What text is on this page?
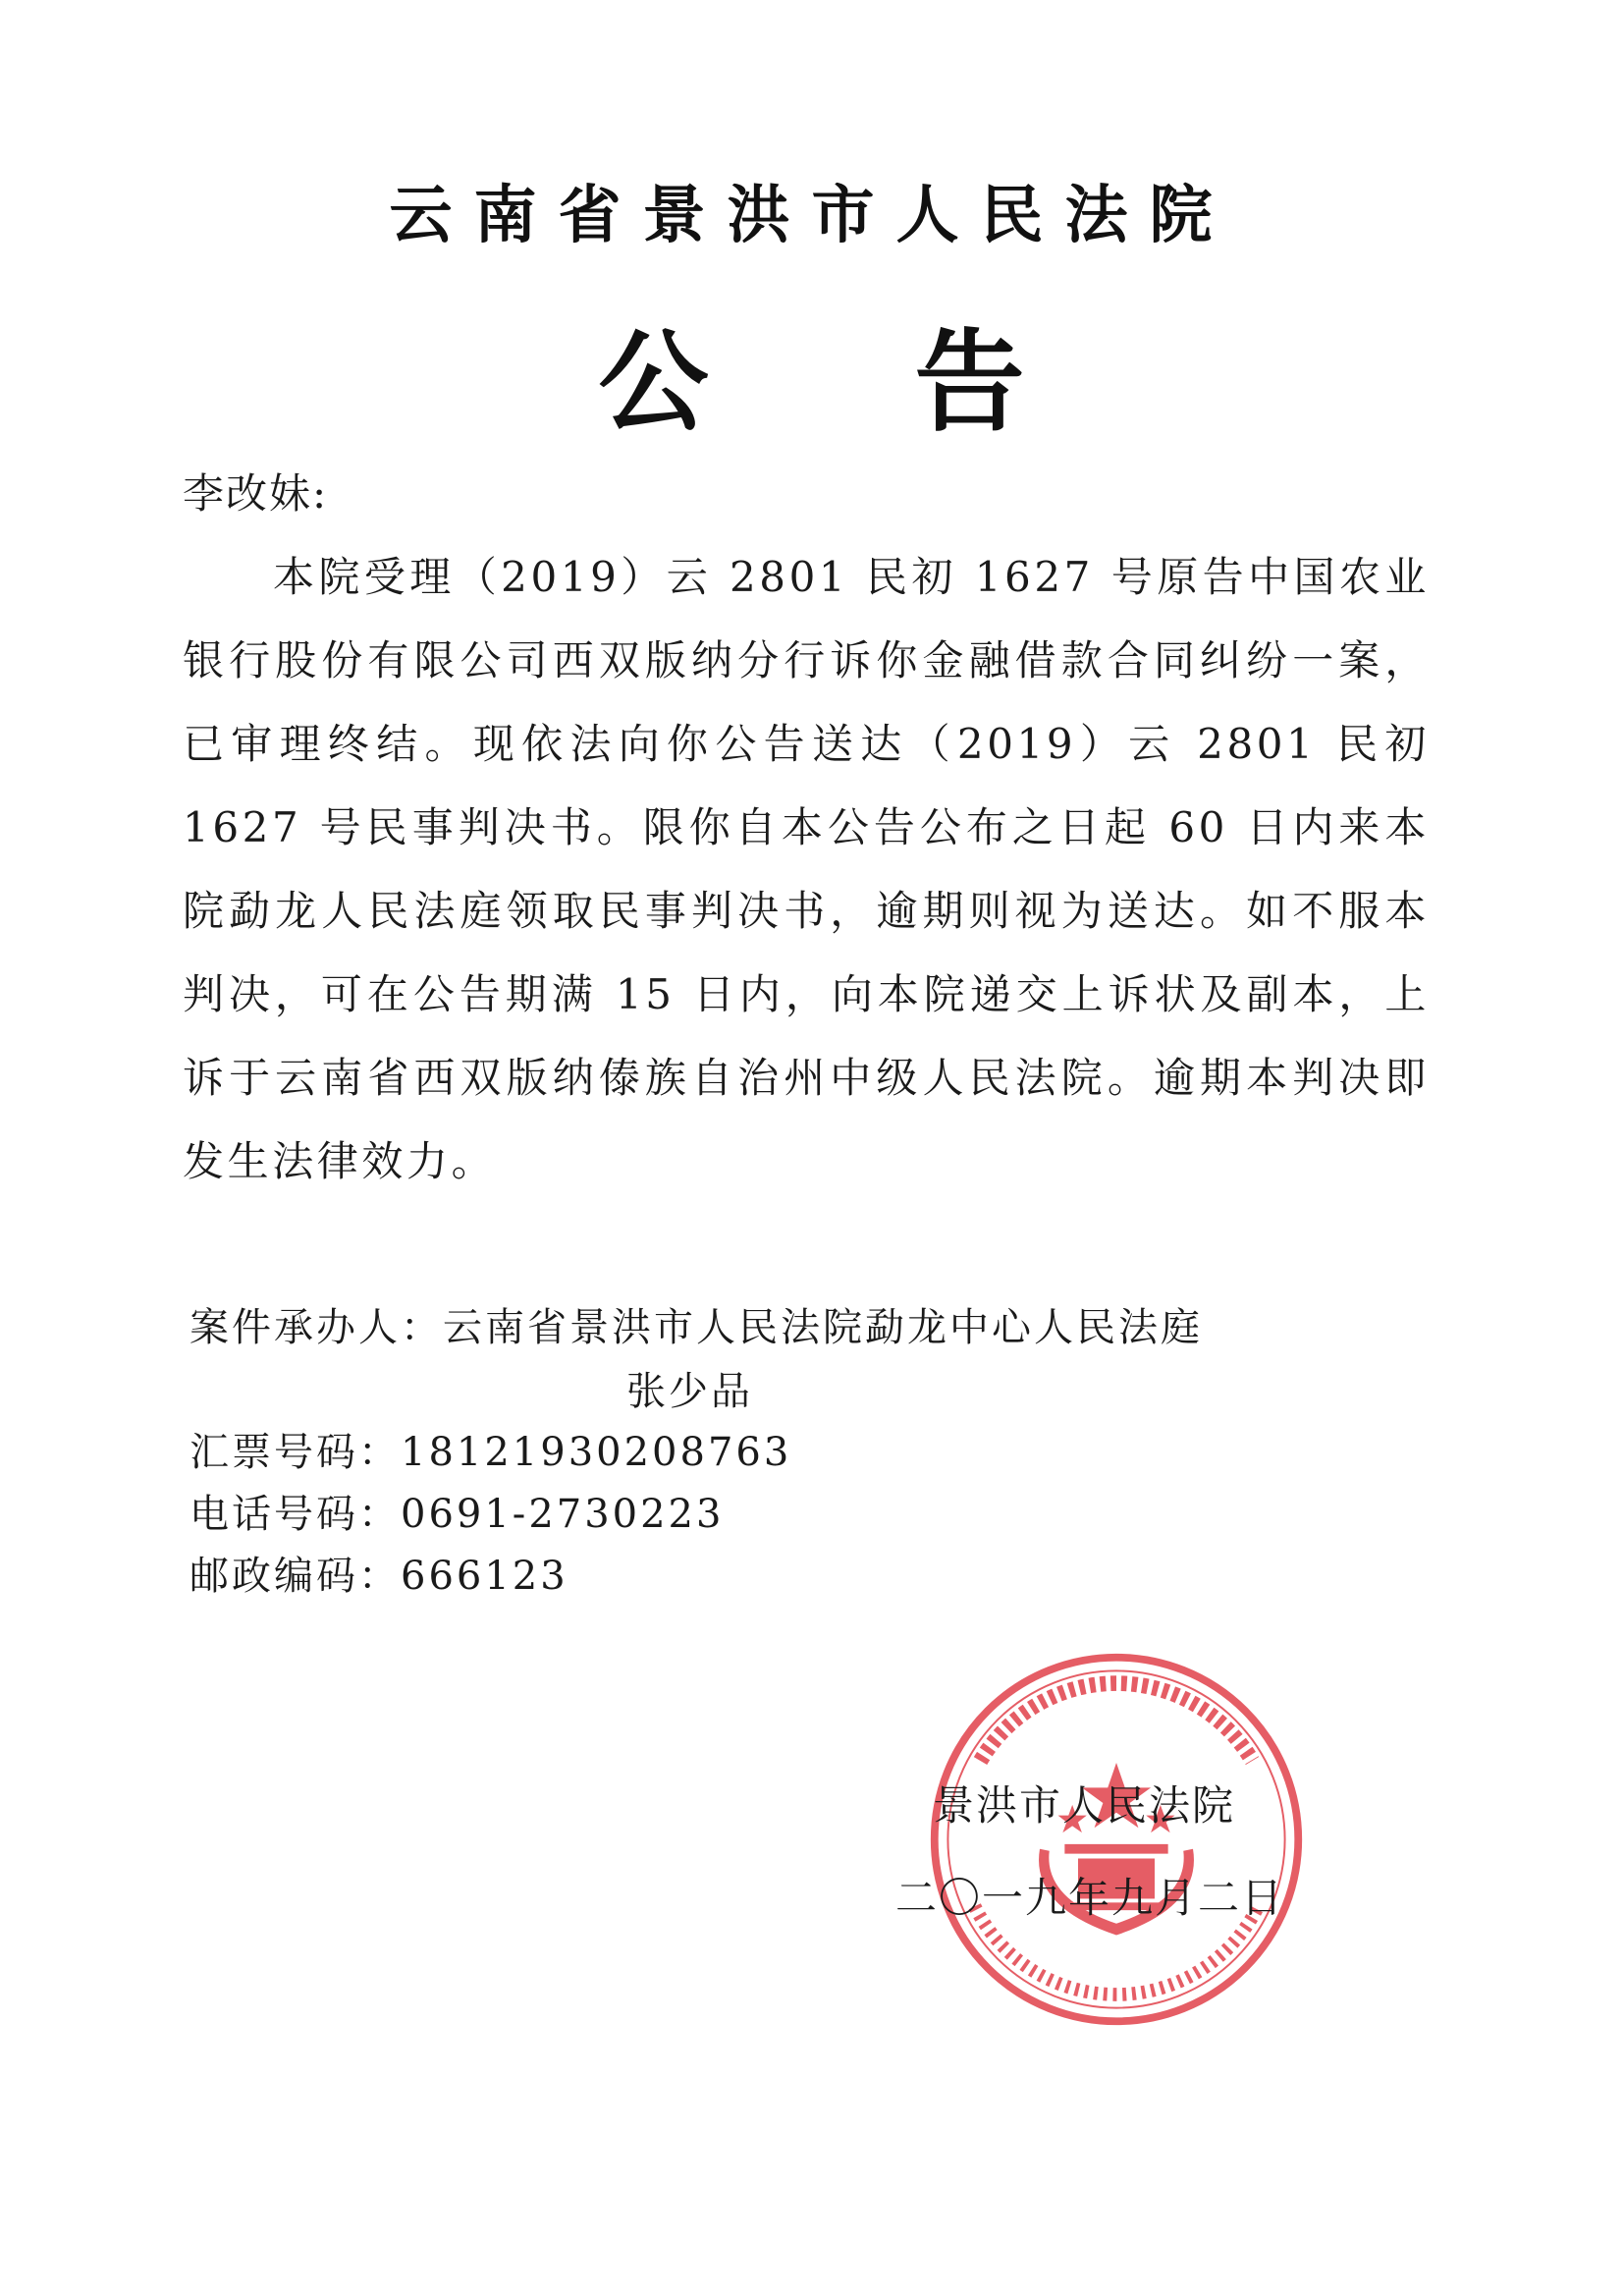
云南省景洪市人民法院
公 告
李改妹:

本院受理（2019）云 2801 民初 1627 号原告中国农业银行股份有限公司西双版纳分行诉你金融借款合同纠纷一案，已审理终结。现依法向你公告送达（2019）云 2801 民初 1627 号民事判决书。限你自本公告公布之日起 60 日内来本院勐龙人民法庭领取民事判决书，逾期则视为送达。如不服本判决，可在公告期满 15 日内，向本院递交上诉状及副本，上诉于云南省西双版纳傣族自治州中级人民法院。逾期本判决即发生法律效力。

案件承办人：云南省景洪市人民法院勐龙中心人民法庭
张少品
汇票号码：18121930208763
电话号码：0691-2730223
邮政编码：666123
景洪市人民法院
二〇一九年九月二日
